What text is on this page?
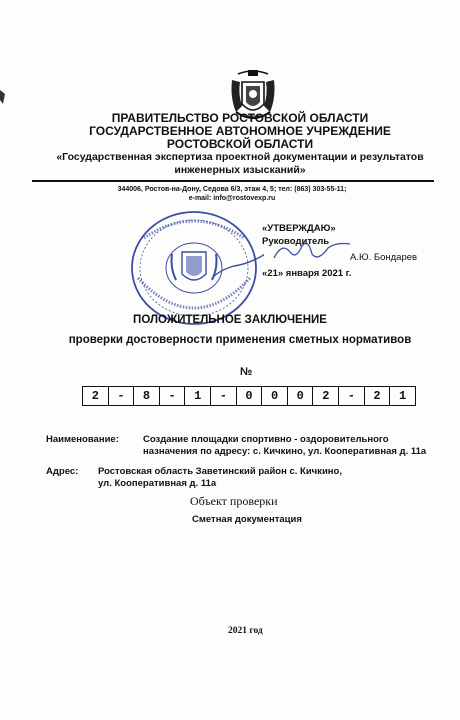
ПРАВИТЕЛЬСТВО РОСТОВСКОЙ ОБЛАСТИ
ГОСУДАРСТВЕННОЕ АВТОНОМНОЕ УЧРЕЖДЕНИЕ
РОСТОВСКОЙ ОБЛАСТИ
«Государственная экспертиза проектной документации и результатов
инженерных изысканий»
344006, Ростов-на-Дону, Седова 6/3, этаж 4, 5; тел: (863) 303-55-11;
e-mail: info@rostovexp.ru
«УТВЕРЖДАЮ»
Руководитель
А.Ю. Бондарев
«21» января 2021 г.
ПОЛОЖИТЕЛЬНОЕ ЗАКЛЮЧЕНИЕ
проверки достоверности применения сметных нормативов
№
2	-	8	-	1	-	0	0	0	2	-	2	1
Наименование:	Создание площадки спортивно - оздоровительного
назначения по адресу: с. Кичкино, ул. Кооперативная д. 11а
Адрес: Ростовская область Заветинский район с. Кичкино,
ул. Кооперативная д. 11а
Объект проверки
Сметная документация
2021 год
